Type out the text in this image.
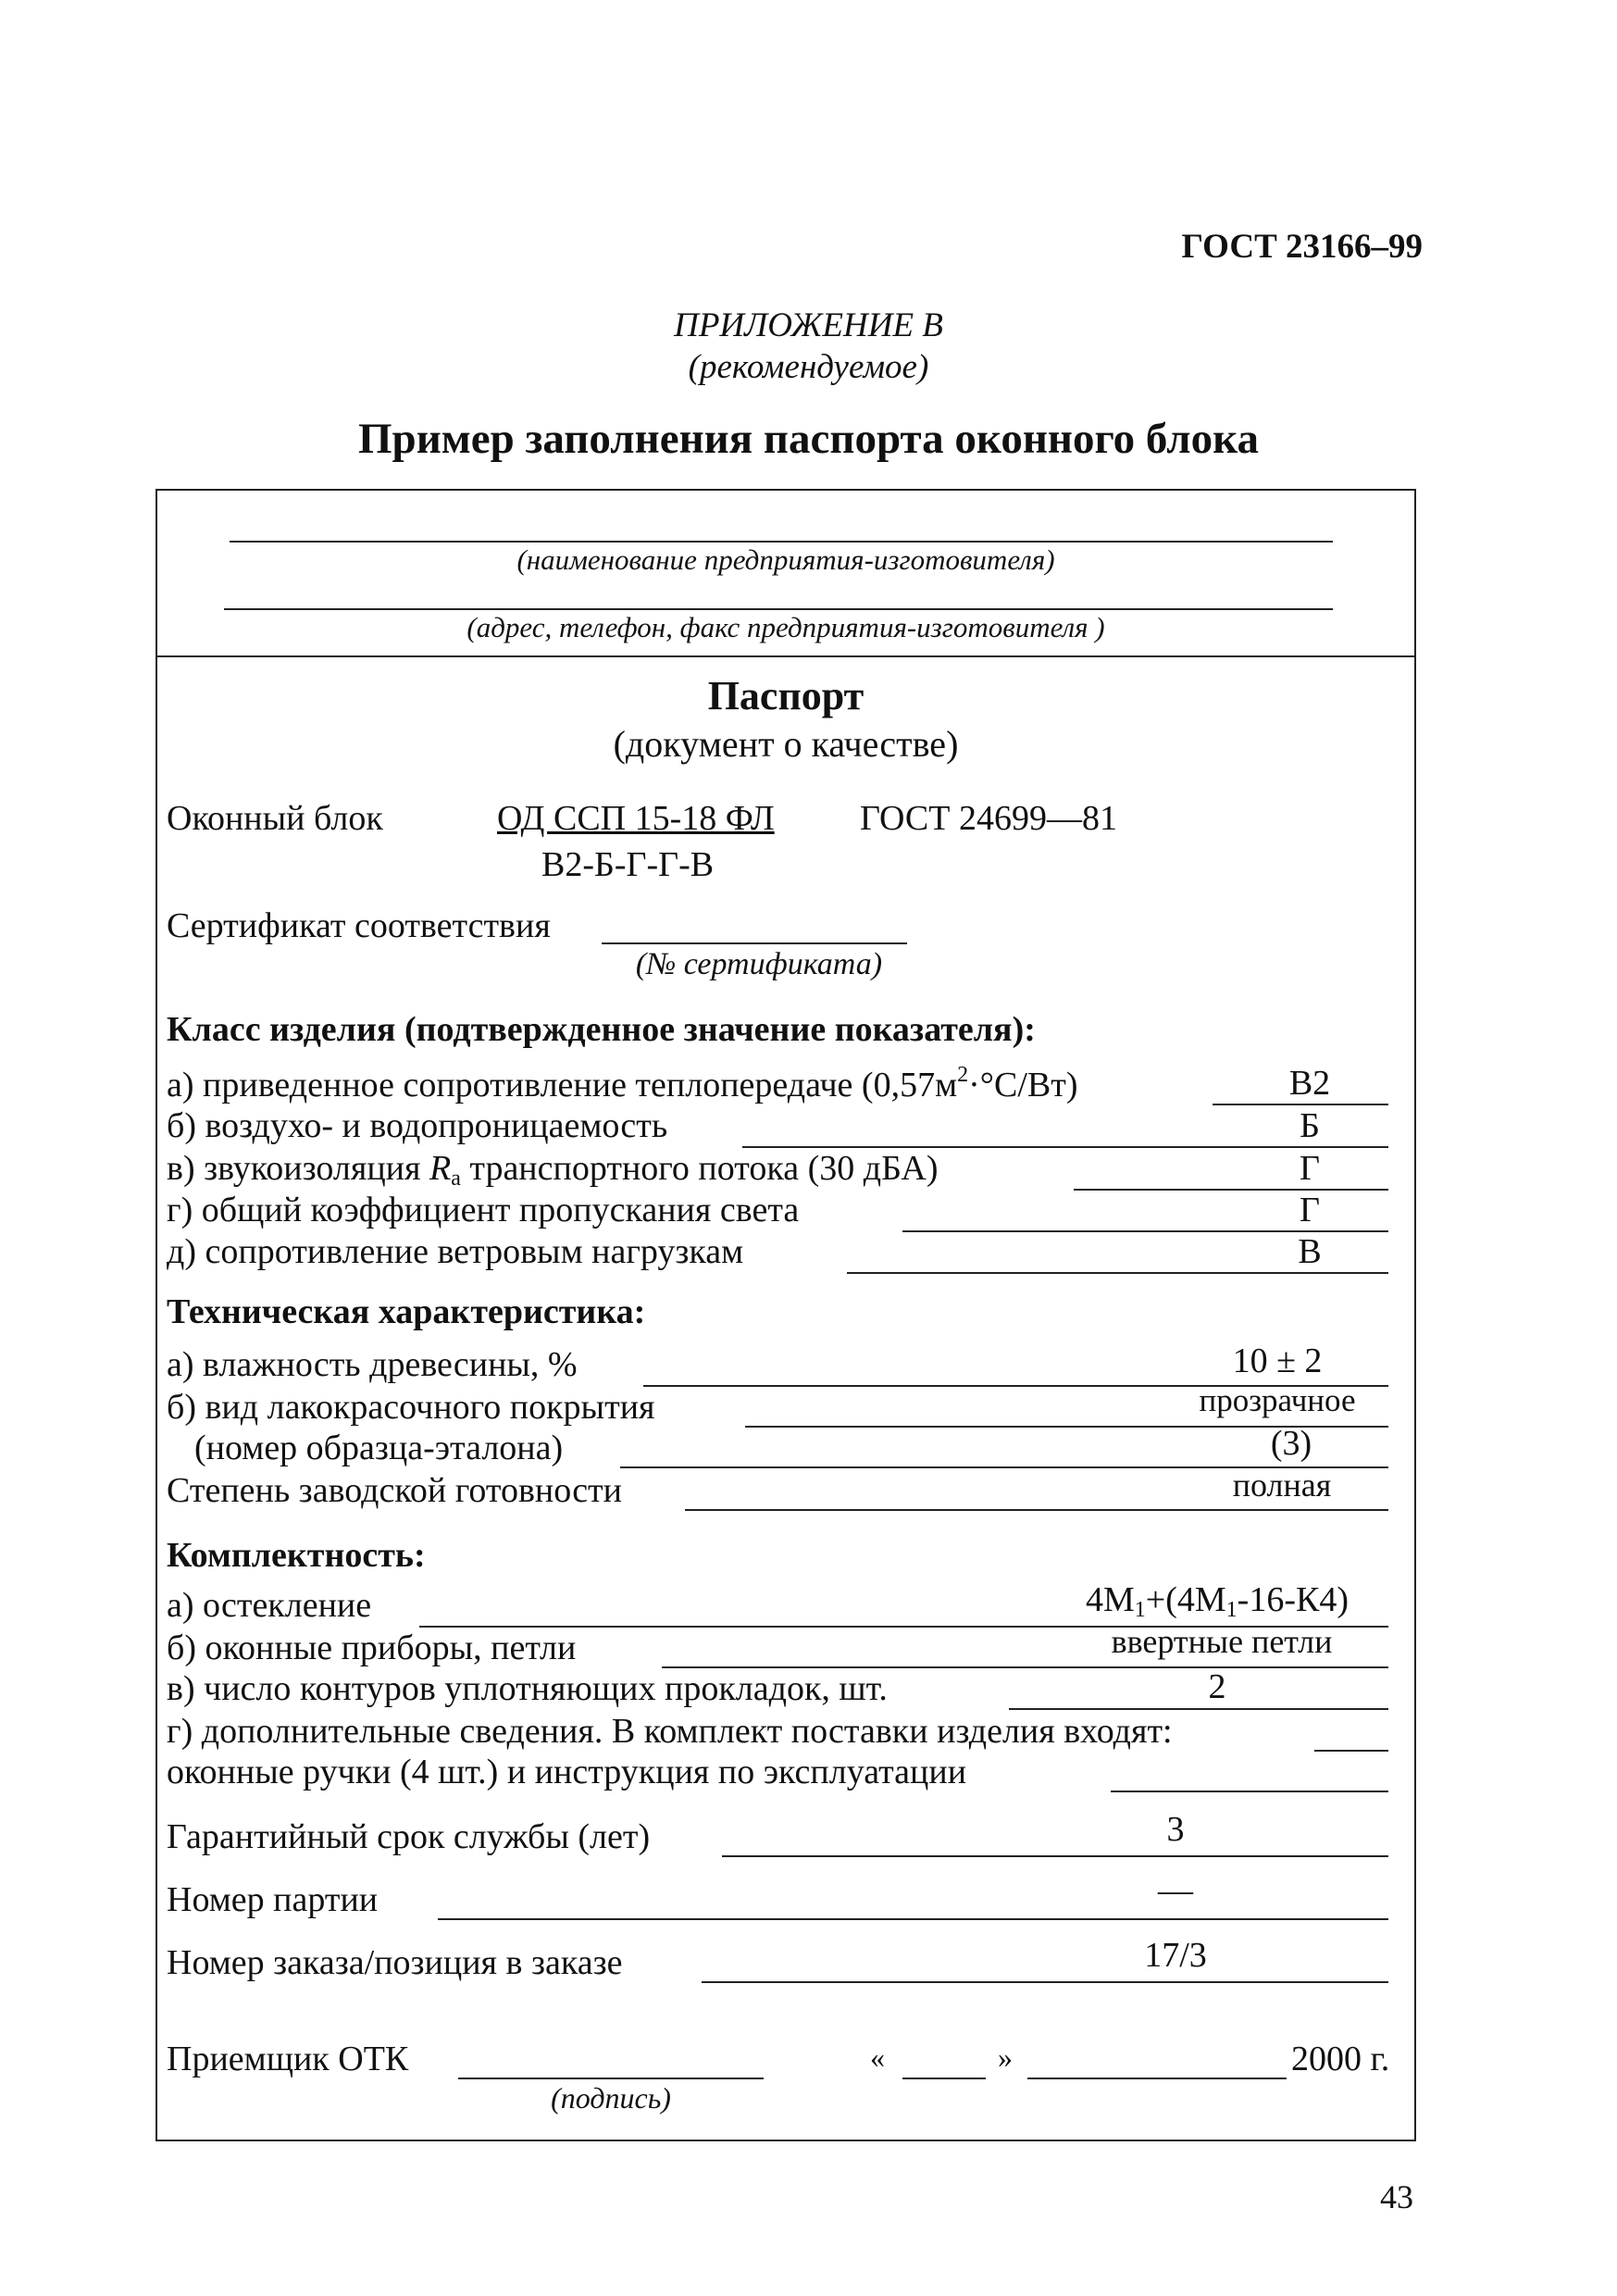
ГОСТ 23166–99
ПРИЛОЖЕНИЕ В
(рекомендуемое)
Пример заполнения паспорта оконного блока
(наименование предприятия-изготовителя)
(адрес, телефон, факс предприятия-изготовителя )
Паспорт
(документ о качестве)
Оконный блок	ОД ССП 15-18 ФЛ ГОСТ 24699—81
В2-Б-Г-Г-В
Сертификат соответствия
(№ сертификата)
Класс изделия (подтвержденное значение показателя):
а) приведенное сопротивление теплопередаче $(0,57м^2\cdot^\circ С/Вт)$	В2
б) воздухо- и водопроницаемость	Б
в) звукоизоляция $R_а$ транспортного потока (30 дБА)	Г
г) общий коэффициент пропускания света	Г
д) сопротивление ветровым нагрузкам	В
Техническая характеристика:
а) влажность древесины, %	10 ± 2
б) вид лакокрасочного покрытия	прозрачное
(номер образца-эталона)	(3)
Степень заводской готовности	полная
Комплектность:
а) остекление	$4М_1+(4М_1-16-К4)$
б) оконные приборы, петли	ввертные петли
в) число контуров уплотняющих прокладок, шт.	2
г) дополнительные сведения. В комплект поставки изделия входят:
оконные ручки (4 шт.) и инструкция по эксплуатации
Гарантийный срок службы (лет)	3
Номер партии	—
Номер заказа/позиция в заказе	17/3
Приемщик ОТК
(подпись)
«	»	2000 г.
43
